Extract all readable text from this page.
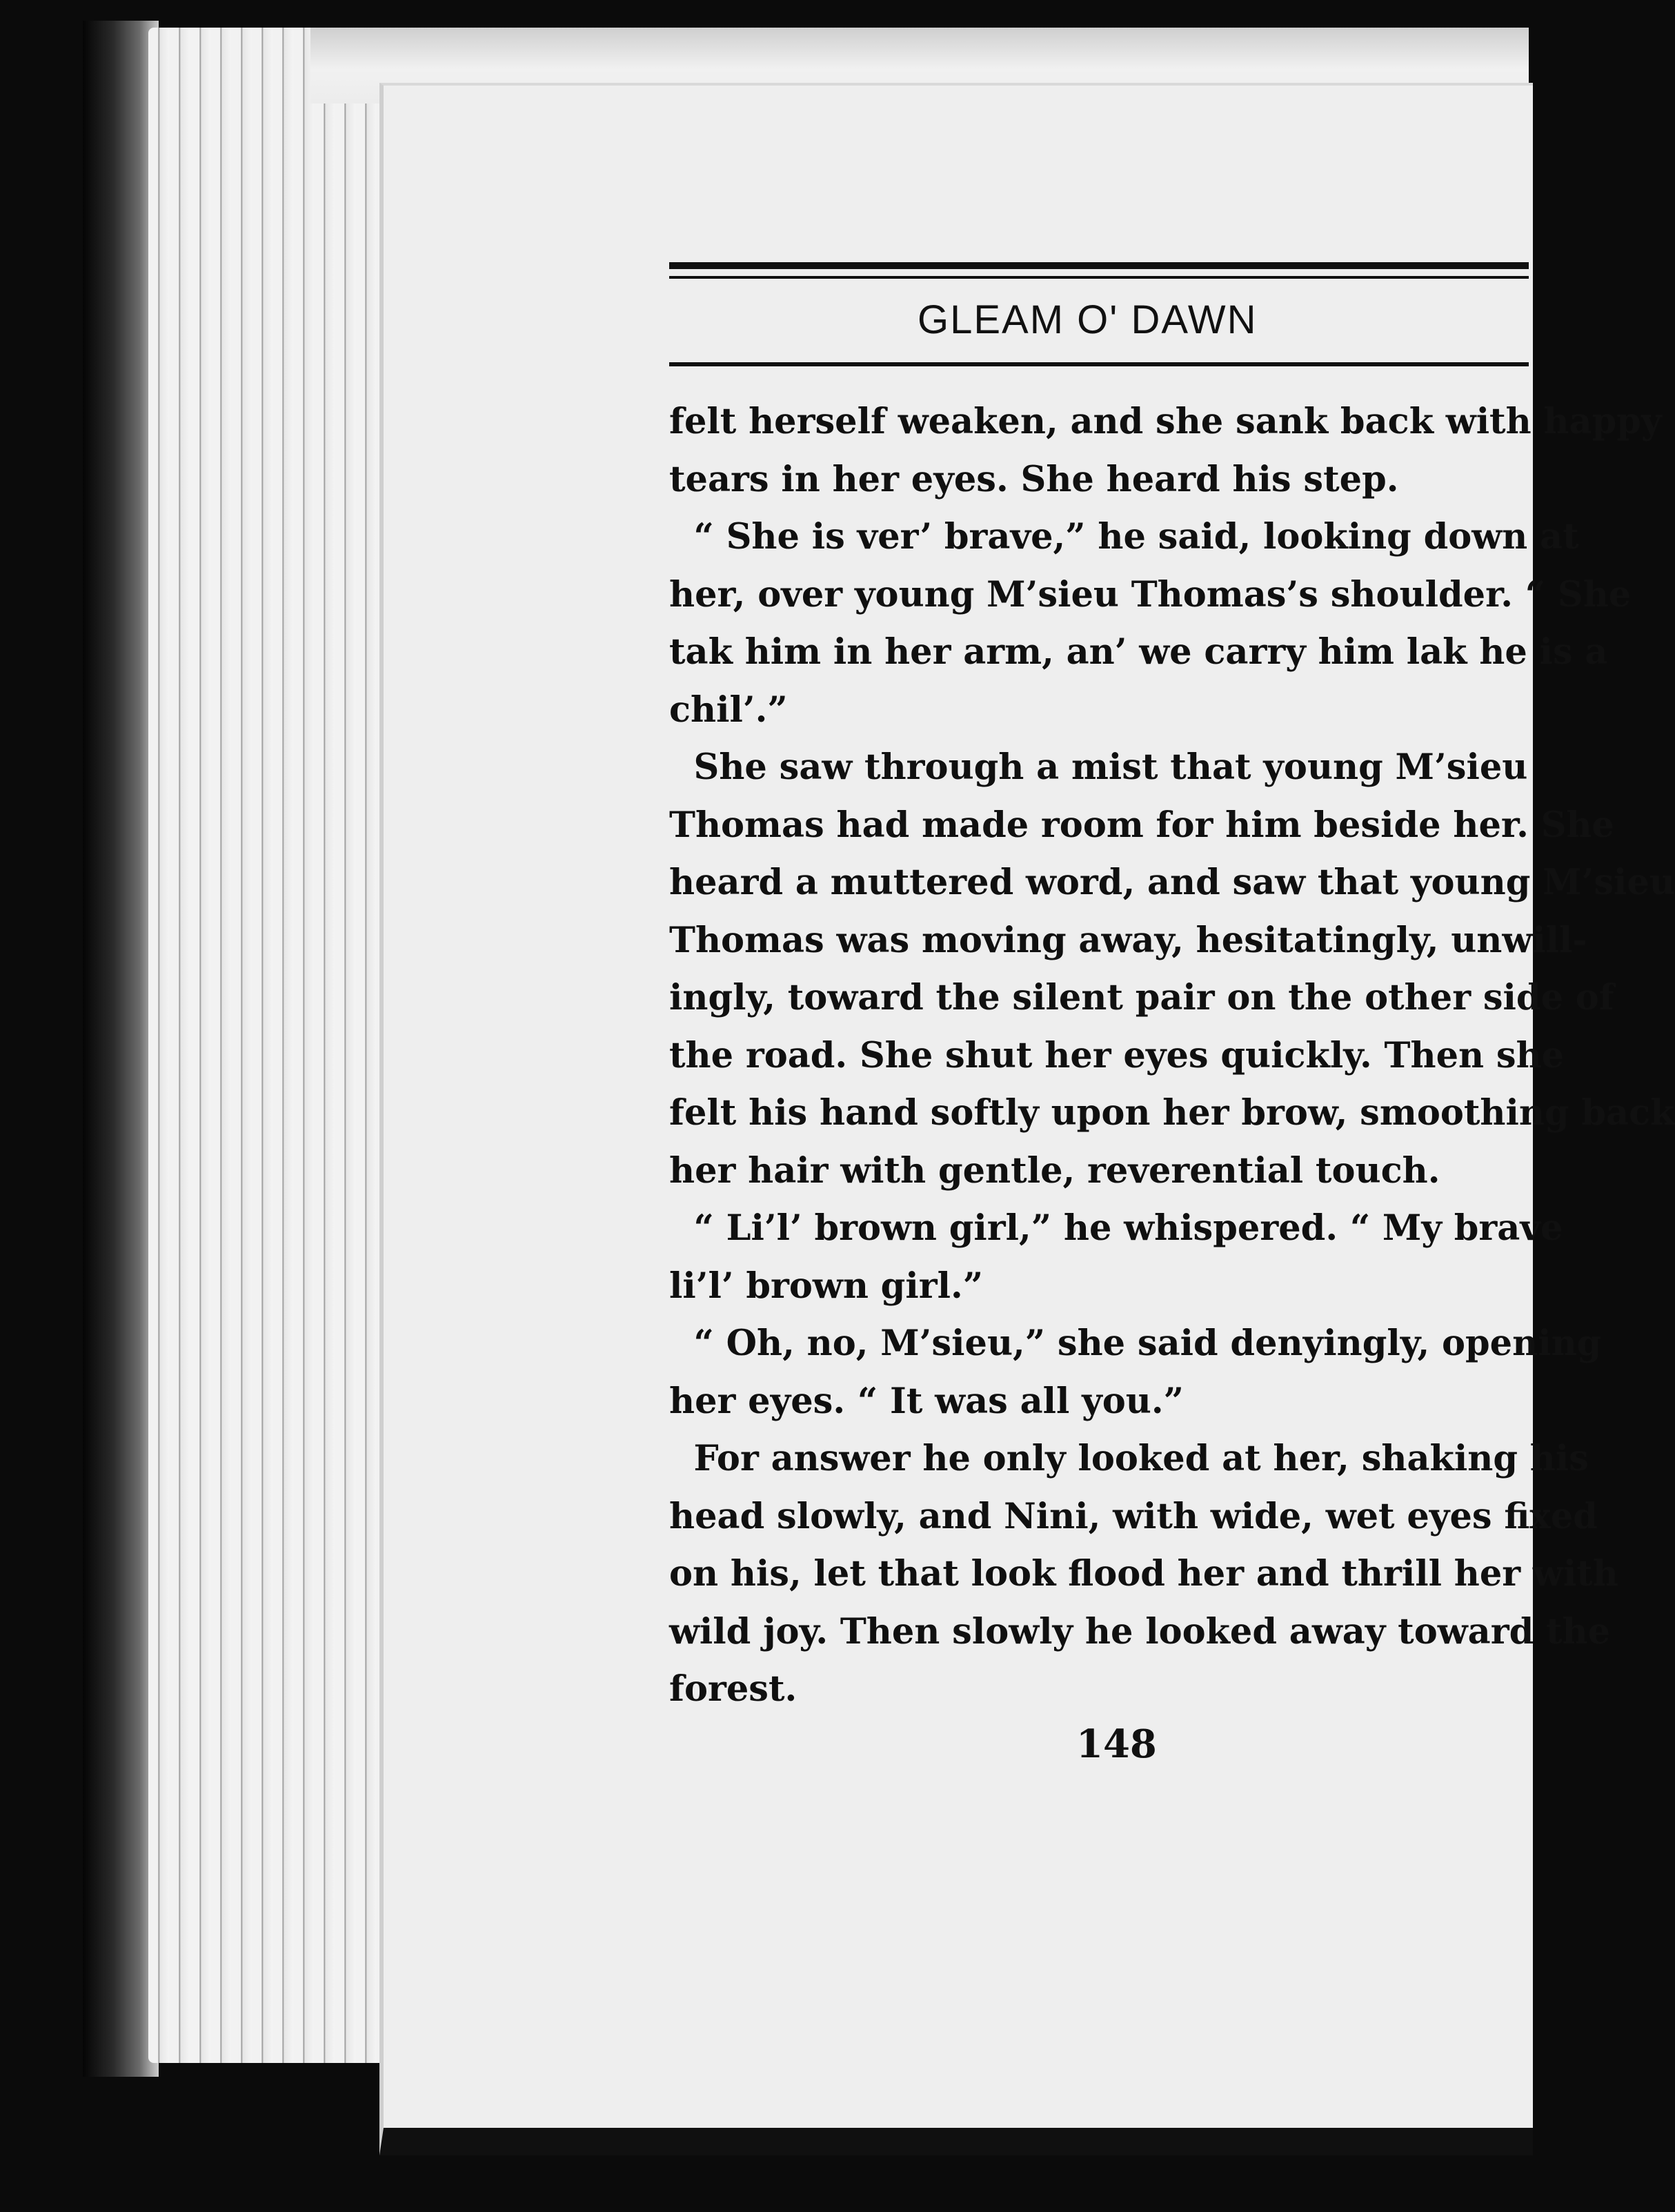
GLEAM O' DAWN
felt herself weaken, and she sank back with happy
tears in her eyes. She heard his step.
“ She is ver’ brave,” he said, looking down at
her, over young M’sieu Thomas’s shoulder. “ She
tak him in her arm, an’ we carry him lak he is a
chil’.”
She saw through a mist that young M’sieu
Thomas had made room for him beside her. She
heard a muttered word, and saw that young M’sieu
Thomas was moving away, hesitatingly, unwill-
ingly, toward the silent pair on the other side of
the road. She shut her eyes quickly. Then she
felt his hand softly upon her brow, smoothing back
her hair with gentle, reverential touch.
“ Li’l’ brown girl,” he whispered. “ My brave
li’l’ brown girl.”
“ Oh, no, M’sieu,” she said denyingly, opening
her eyes. “ It was all you.”
For answer he only looked at her, shaking his
head slowly, and Nini, with wide, wet eyes fixed
on his, let that look flood her and thrill her with
wild joy. Then slowly he looked away toward the
forest.
148
